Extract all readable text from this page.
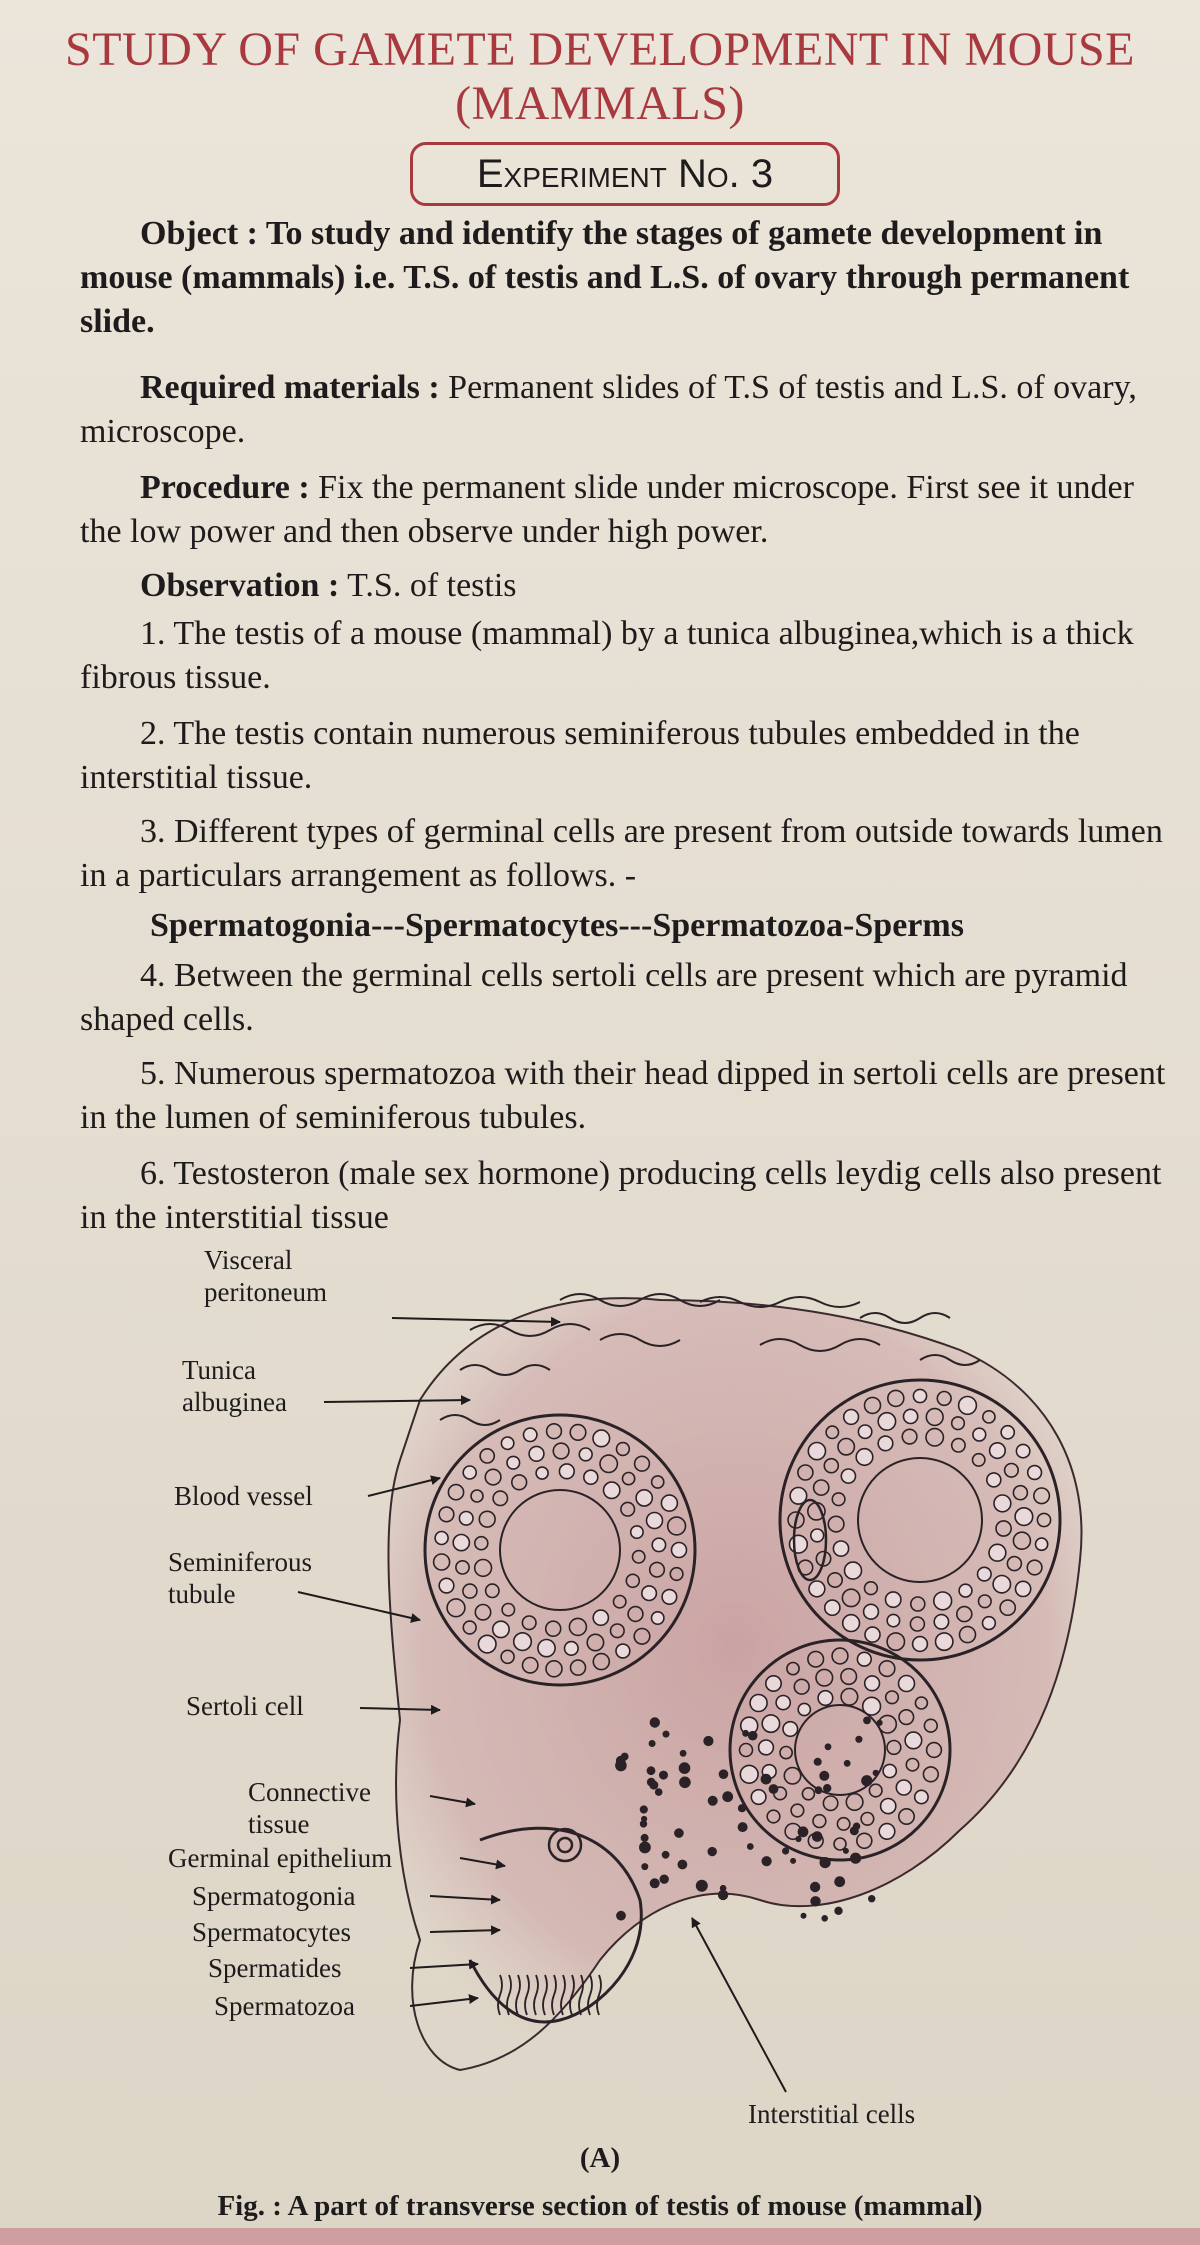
STUDY OF GAMETE DEVELOPMENT IN MOUSE
(MAMMALS)
Experiment No. 3
Object : To study and identify the stages of gamete development in mouse (mammals) i.e. T.S. of testis and L.S. of ovary through permanent slide.
Required materials : Permanent slides of T.S of testis and L.S. of ovary, microscope.
Procedure : Fix the permanent slide under microscope. First see it under the low power and then observe under high power.
Observation : T.S. of testis
1. The testis of a mouse (mammal) by a tunica albuginea,which is a thick fibrous tissue.
2. The testis contain numerous seminiferous tubules embedded in the interstitial tissue.
3. Different types of germinal cells are present from outside towards lumen in a particulars arrangement as follows. -
Spermatogonia---Spermatocytes---Spermatozoa-Sperms
4. Between the germinal cells sertoli cells are present which are pyramid shaped cells.
5. Numerous spermatozoa with their head dipped in sertoli cells are present in the lumen of seminiferous tubules.
6. Testosteron (male sex hormone) producing cells leydig cells also present in the interstitial tissue
Visceral
peritoneum
Tunica
albuginea
Blood vessel
Seminiferous
tubule
Sertoli cell
Connective
tissue
Germinal epithelium
Spermatogonia
Spermatocytes
Spermatides
Spermatozoa
Interstitial cells
(A)
Fig. : A part of transverse section of testis of mouse (mammal)
